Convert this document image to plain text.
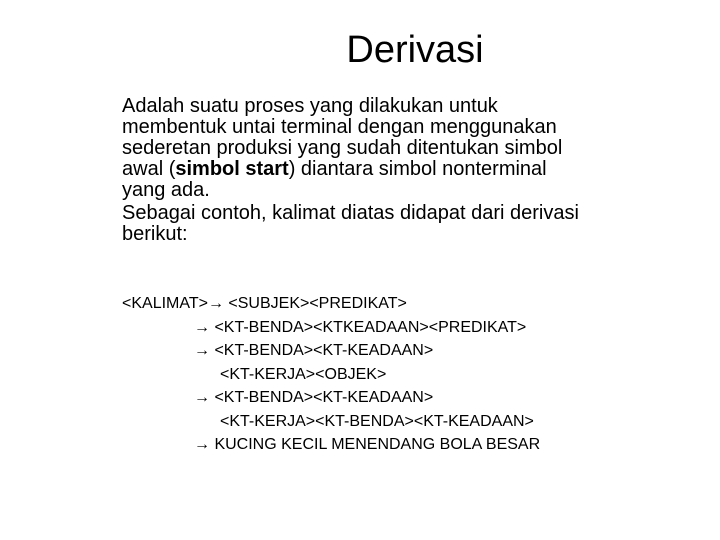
Derivasi
Adalah suatu proses yang dilakukan untuk
membentuk untai terminal dengan menggunakan
sederetan produksi yang sudah ditentukan simbol
awal (simbol start) diantara simbol nonterminal
yang ada.
Sebagai contoh, kalimat diatas didapat dari derivasi
berikut:
<KALIMAT>→ <SUBJEK><PREDIKAT>
→ <KT-BENDA><KTKEADAAN><PREDIKAT>
→ <KT-BENDA><KT-KEADAAN>
<KT-KERJA><OBJEK>
→ <KT-BENDA><KT-KEADAAN>
<KT-KERJA><KT-BENDA><KT-KEADAAN>
→ KUCING KECIL MENENDANG BOLA BESAR
